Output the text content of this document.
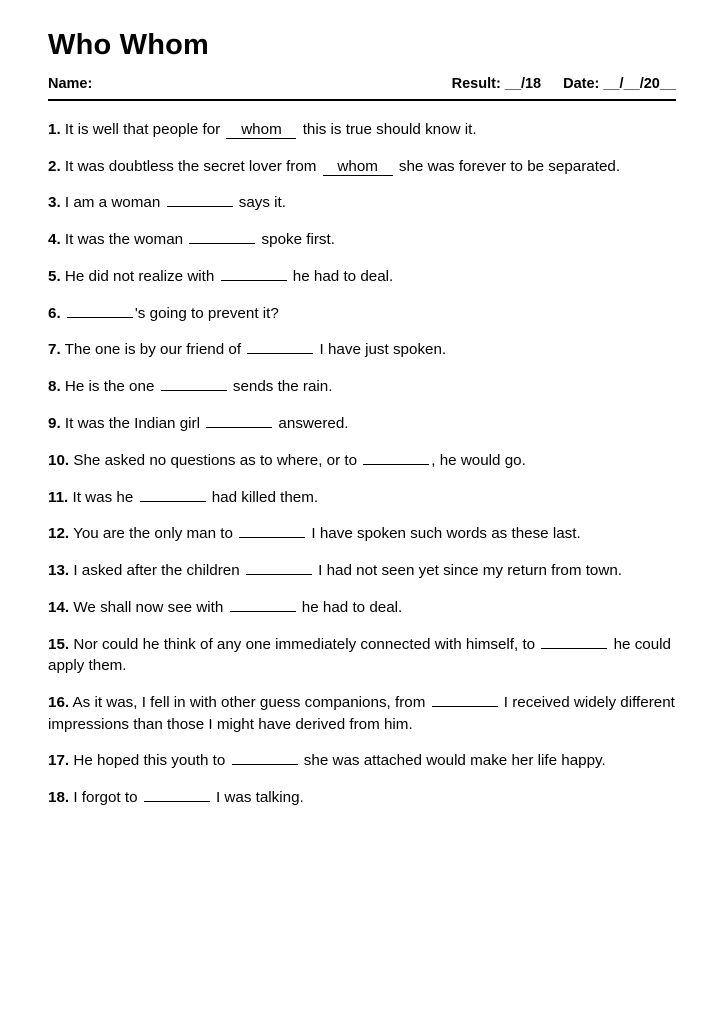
Who Whom
Name:	Result: __/18 Date: __/__/20__

1. It is well that people for whom this is true should know it.

2. It was doubtless the secret lover from whom she was forever to be separated.

3. I am a woman	says it.

4. It was the woman	spoke first.

5. He did not realize with	he had to deal.

6.	's going to prevent it?

7. The one is by our friend of	I have just spoken.

8. He is the one	sends the rain.

9. It was the Indian girl	answered.

10. She asked no questions as to where, or to	, he would go.

11. It was he	had killed them.

12. You are the only man to	I have spoken such words as these last.

13. I asked after the children	I had not seen yet since my return from town.

14. We shall now see with	he had to deal.

15. Nor could he think of any one immediately connected with himself, to	he could apply them.

16. As it was, I fell in with other guess companions, from	I received widely different impressions than those I might have derived from him.

17. He hoped this youth to	she was attached would make her life happy.

18. I forgot to	I was talking.
